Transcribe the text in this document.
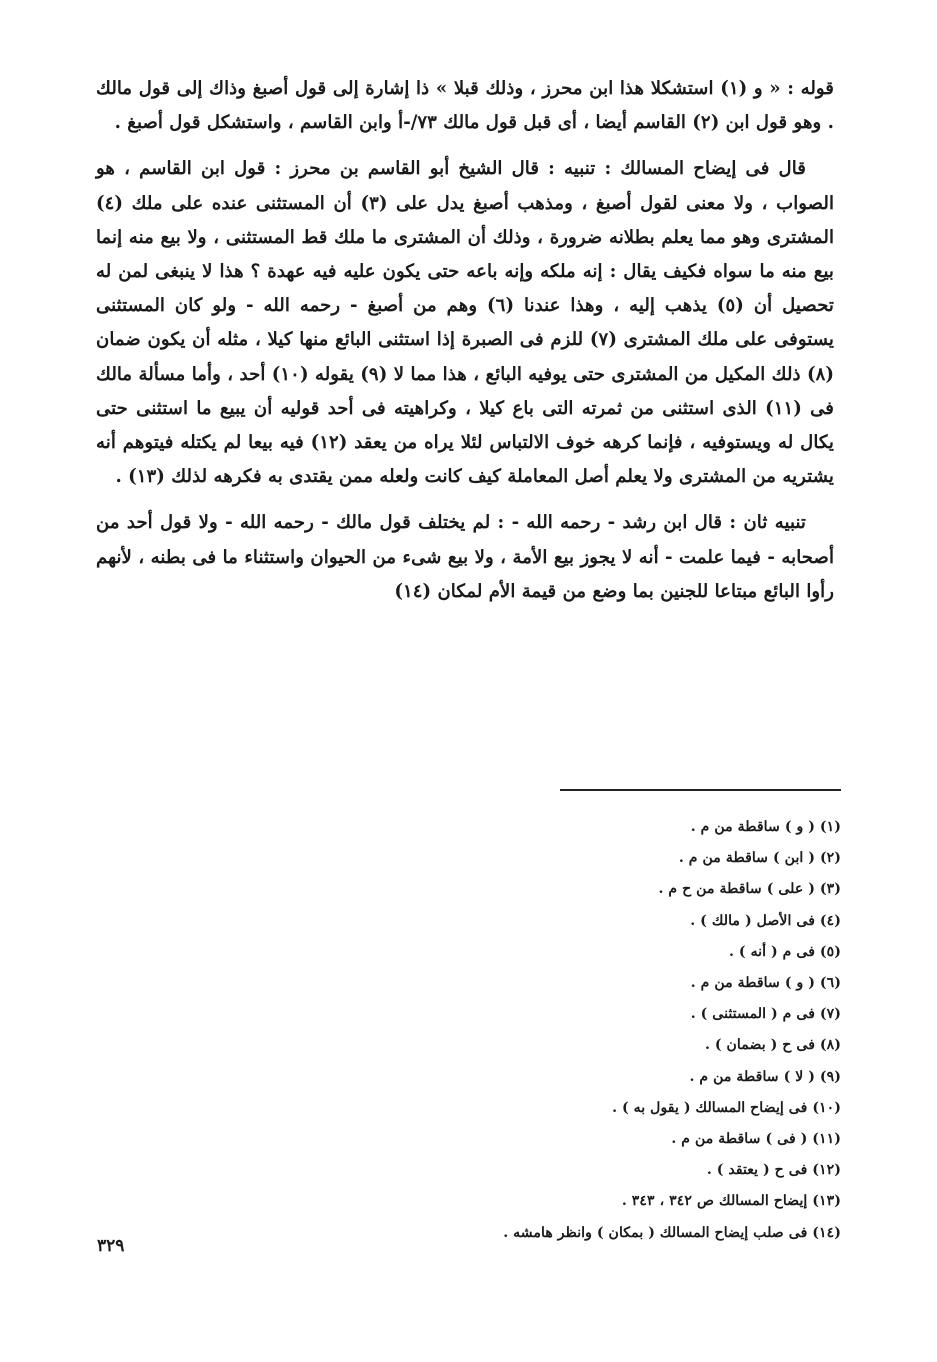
قوله : « و (١) استشكلا هذا ابن محرز ، وذلك قبلا » ذا إشارة إلى قول أصبغ وذاك إلى قول مالك . وهو قول ابن (٢) القاسم أيضا ، أى قبل قول مالك ٧٣/-أ وابن القاسم ، واستشكل قول أصبغ .

قال فى إيضاح المسالك : تنبيه : قال الشيخ أبو القاسم بن محرز : قول ابن القاسم ، هو الصواب ، ولا معنى لقول أصبغ ، ومذهب أصبغ يدل على (٣) أن المستثنى عنده على ملك (٤) المشترى وهو مما يعلم بطلانه ضرورة ، وذلك أن المشترى ما ملك قط المستثنى ، ولا بيع منه إنما بيع منه ما سواه فكيف يقال : إنه ملكه وإنه باعه حتى يكون عليه فيه عهدة ؟ هذا لا ينبغى لمن له تحصيل أن (٥) يذهب إليه ، وهذا عندنا (٦) وهم من أصبغ - رحمه الله - ولو كان المستثنى يستوفى على ملك المشترى (٧) للزم فى الصبرة إذا استثنى البائع منها كيلا ، مثله أن يكون ضمان (٨) ذلك المكيل من المشترى حتى يوفيه البائع ، هذا مما لا (٩) يقوله (١٠) أحد ، وأما مسألة مالك فى (١١) الذى استثنى من ثمرته التى باع كيلا ، وكراهيته فى أحد قوليه أن يبيع ما استثنى حتى يكال له ويستوفيه ، فإنما كرهه خوف الالتباس لئلا يراه من يعقد (١٢) فيه بيعا لم يكتله فيتوهم أنه يشتريه من المشترى ولا يعلم أصل المعاملة كيف كانت ولعله ممن يقتدى به فكرهه لذلك (١٣) .

تنبيه ثان : قال ابن رشد - رحمه الله - : لم يختلف قول مالك - رحمه الله - ولا قول أحد من أصحابه - فيما علمت - أنه لا يجوز بيع الأمة ، ولا بيع شىء من الحيوان واستثناء ما فى بطنه ، لأنهم رأوا البائع مبتاعا للجنين بما وضع من قيمة الأم لمكان (١٤)

(١) ( و ) ساقطة من م .

(٢) ( ابن ) ساقطة من م .

(٣) ( على ) ساقطة من ح م .

(٤) فى الأصل ( مالك ) .

(٥) فى م ( أنه ) .

(٦) ( و ) ساقطة من م .

(٧) فى م ( المستثنى ) .

(٨) فى ح ( بضمان ) .

(٩) ( لا ) ساقطة من م .

(١٠) فى إيضاح المسالك ( يقول به ) .

(١١) ( فى ) ساقطة من م .

(١٢) فى ح ( يعتقد ) .

(١٣) إيضاح المسالك ص ٣٤٢ ، ٣٤٣ .

(١٤) فى صلب إيضاح المسالك ( بمكان ) وانظر هامشه .

٣٢٩
